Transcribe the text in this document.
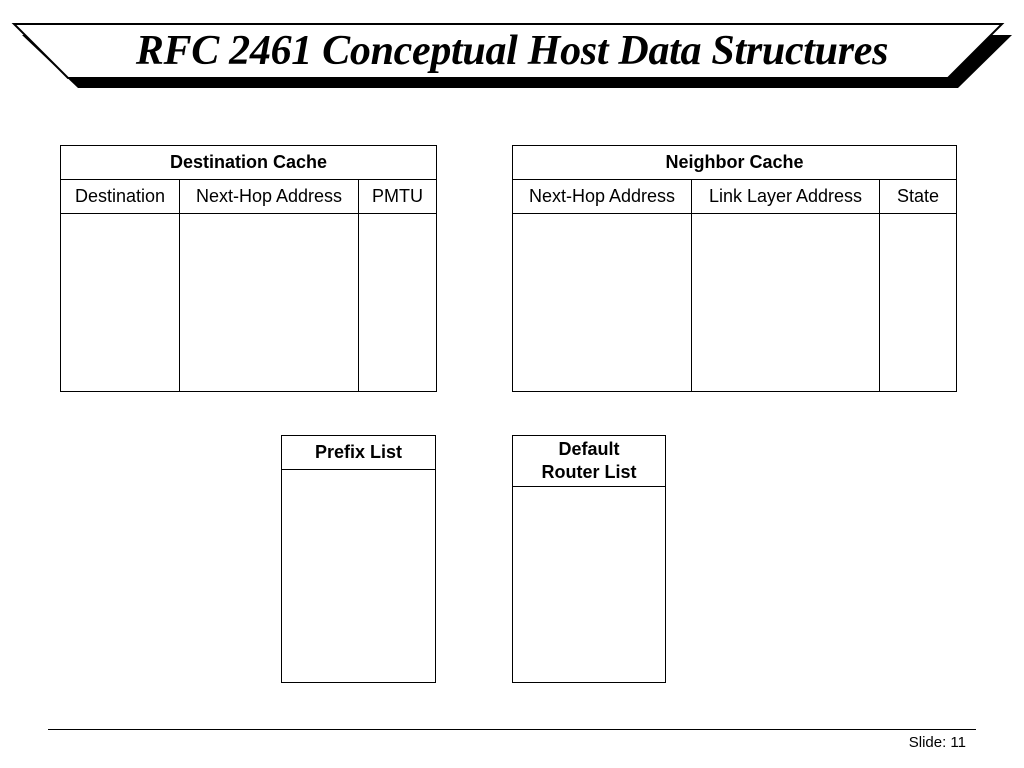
RFC 2461 Conceptual Host Data Structures
Destination Cache		
Destination	Next-Hop Address	PMTU

Neighbor Cache		
Next-Hop Address	Link Layer Address	State

Prefix List	Default
Router List

Slide: 11
